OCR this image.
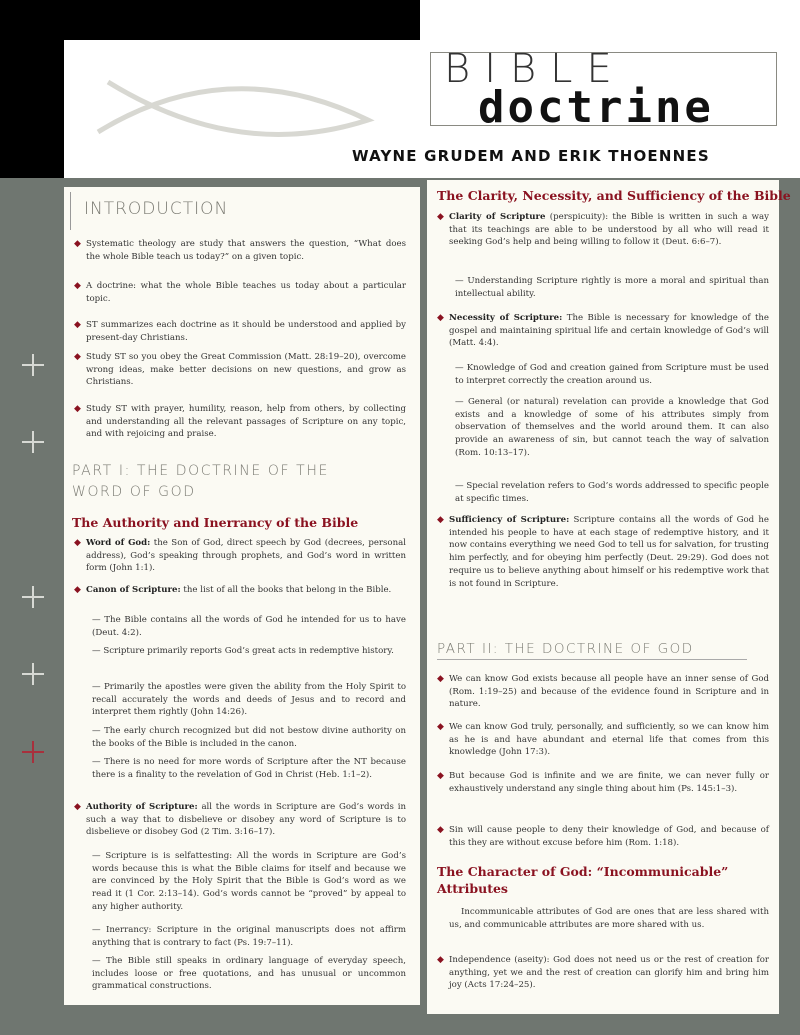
BIBLE
doctrine
WAYNE GRUDEM AND ERIK THOENNES
INTRODUCTION
◆ Systematic theology are study that answers the question, “What does the whole Bible teach us today?” on a given topic.
◆ A doctrine: what the whole Bible teaches us today about a particular topic.
◆ ST summarizes each doctrine as it should be understood and applied by present-day Christians.
◆ Study ST so you obey the Great Commission (Matt. 28:19–20), overcome wrong ideas, make better decisions on new questions, and grow as Christians.
◆ Study ST with prayer, humility, reason, help from others, by collecting and understanding all the relevant passages of Scripture on any topic, and with rejoicing and praise.
PART I: THE DOCTRINE OF THE
WORD OF GOD
The Authority and Inerrancy of the Bible
◆ Word of God: the Son of God, direct speech by God (decrees, personal address), God’s speaking through prophets, and God’s word in written form (John 1:1).
◆ Canon of Scripture: the list of all the books that belong in the Bible.
— The Bible contains all the words of God he intended for us to have (Deut. 4:2).
— Scripture primarily reports God’s great acts in redemptive history.
— Primarily the apostles were given the ability from the Holy Spirit to recall accurately the words and deeds of Jesus and to record and interpret them rightly (John 14:26).
— The early church recognized but did not bestow divine authority on the books of the Bible is included in the canon.
— There is no need for more words of Scripture after the NT because there is a finality to the revelation of God in Christ (Heb. 1:1–2).
◆ Authority of Scripture: all the words in Scripture are God’s words in such a way that to disbelieve or disobey any word of Scripture is to disbelieve or disobey God (2 Tim. 3:16–17).
— Scripture is is selfattesting: All the words in Scripture are God’s words because this is what the Bible claims for itself and because we are convinced by the Holy Spirit that the Bible is God’s word as we read it (1 Cor. 2:13–14). God’s words cannot be “proved” by appeal to any higher authority.
— Inerrancy: Scripture in the original manuscripts does not affirm anything that is contrary to fact (Ps. 19:7–11).
— The Bible still speaks in ordinary language of everyday speech, includes loose or free quotations, and has unusual or uncommon grammatical constructions.
The Clarity, Necessity, and Sufficiency of the Bible
◆ Clarity of Scripture (perspicuity): the Bible is written in such a way that its teachings are able to be understood by all who will read it seeking God’s help and being willing to follow it (Deut. 6:6–7).
— Understanding Scripture rightly is more a moral and spiritual than intellectual ability.
◆ Necessity of Scripture: The Bible is necessary for knowledge of the gospel and maintaining spiritual life and certain knowledge of God’s will (Matt. 4:4).
— Knowledge of God and creation gained from Scripture must be used to interpret correctly the creation around us.
— General (or natural) revelation can provide a knowledge that God exists and a knowledge of some of his attributes simply from observation of themselves and the world around them. It can also provide an awareness of sin, but cannot teach the way of salvation (Rom. 10:13–17).
— Special revelation refers to God’s words addressed to specific people at specific times.
◆ Sufficiency of Scripture: Scripture contains all the words of God he intended his people to have at each stage of redemptive history, and it now contains everything we need God to tell us for salvation, for trusting him perfectly, and for obeying him perfectly (Deut. 29:29). God does not require us to believe anything about himself or his redemptive work that is not found in Scripture.
PART II: THE DOCTRINE OF GOD
◆ We can know God exists because all people have an inner sense of God (Rom. 1:19–25) and because of the evidence found in Scripture and in nature.
◆ We can know God truly, personally, and sufficiently, so we can know him as he is and have abundant and eternal life that comes from this knowledge (John 17:3).
◆ But because God is infinite and we are finite, we can never fully or exhaustively understand any single thing about him (Ps. 145:1–3).
◆ Sin will cause people to deny their knowledge of God, and because of this they are without excuse before him (Rom. 1:18).
The Character of God: “Incommunicable”
Attributes
Incommunicable attributes of God are ones that are less shared with us, and communicable attributes are more shared with us.
◆ Independence (aseity): God does not need us or the rest of creation for anything, yet we and the rest of creation can glorify him and bring him joy (Acts 17:24–25).
